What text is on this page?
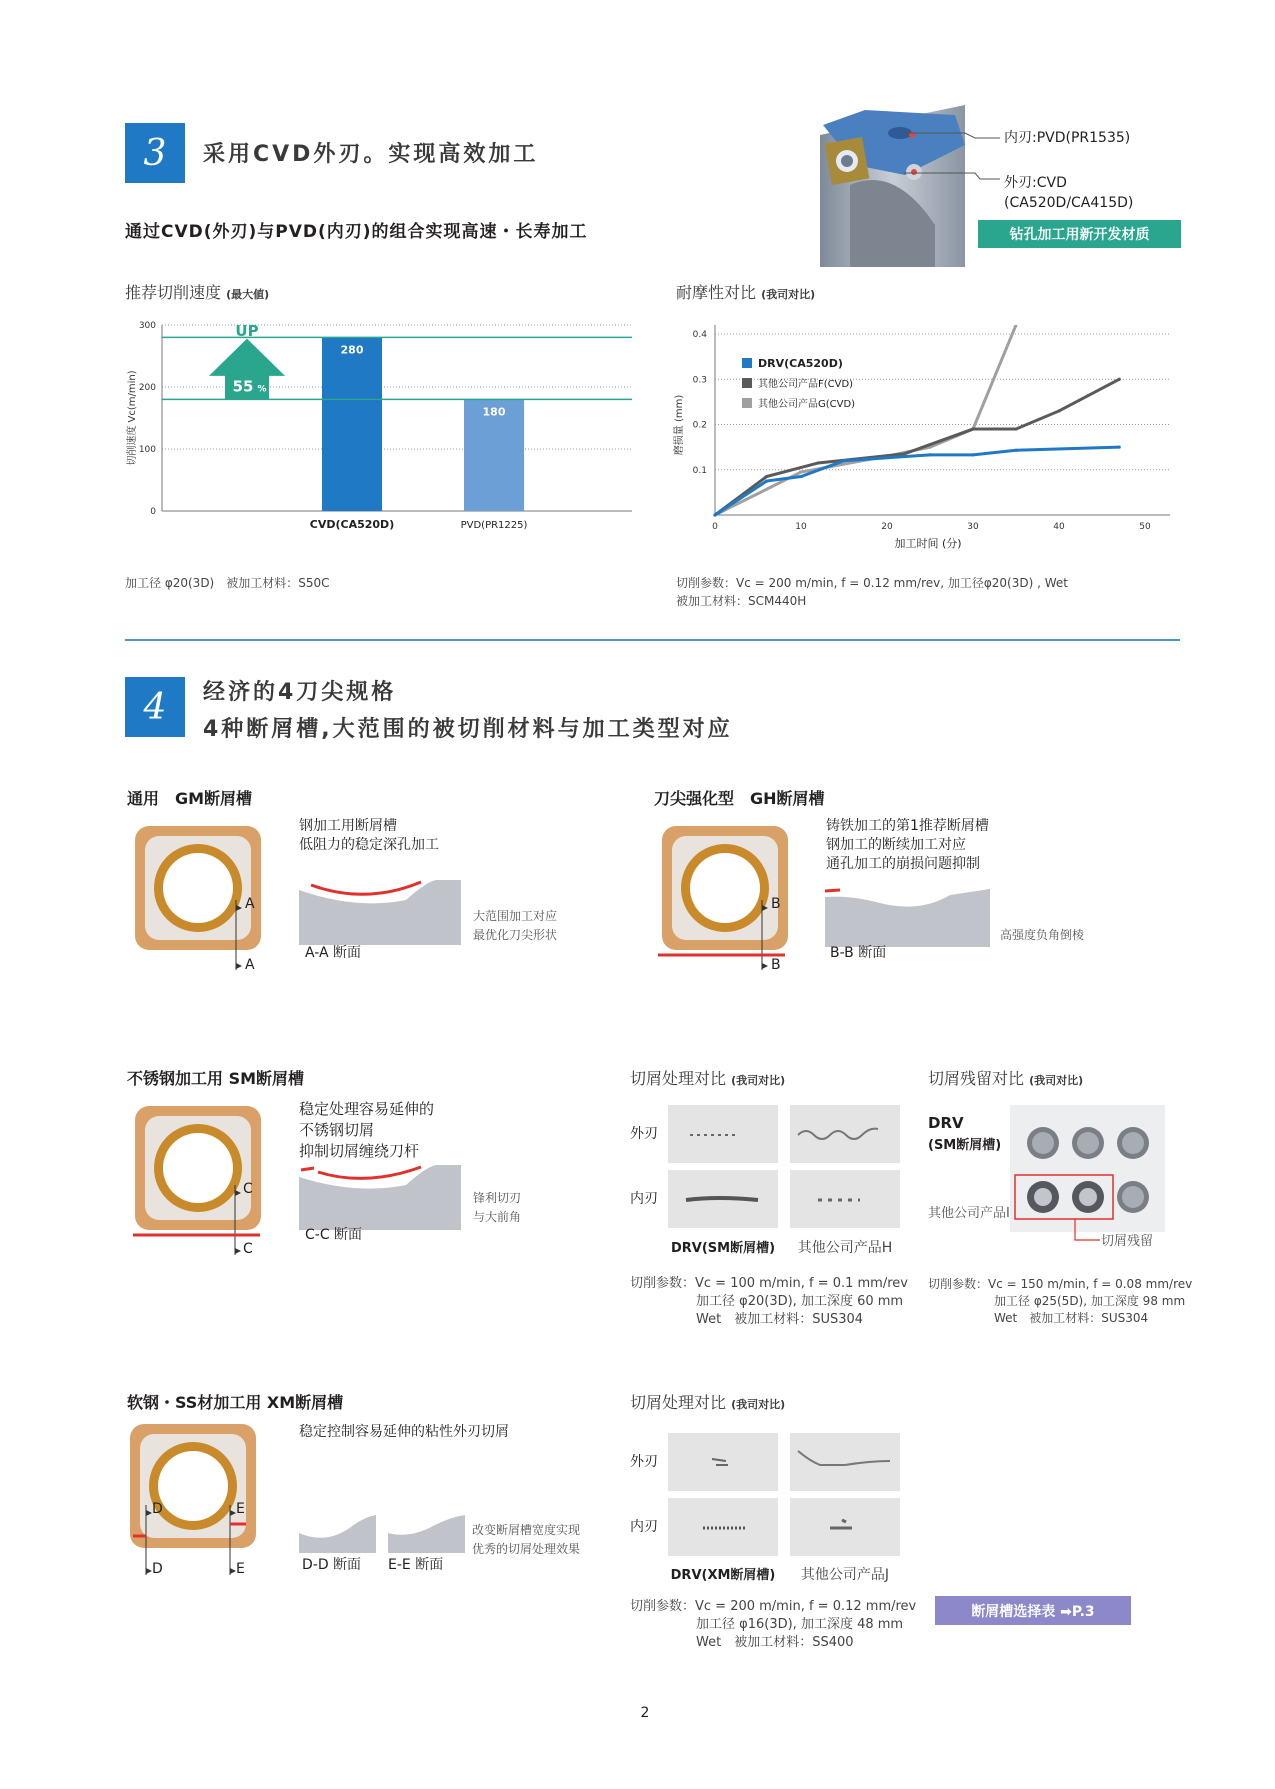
3 采用CVD外刃。实现高效加工
通过CVD(外刃)与PVD(内刃)的组合实现高速・长寿加工
内刃:PVD(PR1535)
外刃:CVD
(CA520D/CA415D)
钻孔加工用新开发材质
推荐切削速度 (最大値)
0
100
200
300
切削速度 Vc(m/min)
280
CVD(CA520D)
180
PVD(PR1225)
UP
55 %
加工径 φ20(3D)　被加工材料：S50C
耐摩性对比 (我司对比)
0.1
0.2
0.3
0.4
0	10	20	30	40	50
加工时间 (分)
磨损量 (mm)
DRV(CA520D)
其他公司产品F(CVD)
其他公司产品G(CVD)
切削参数：Vc = 200 m/min, f = 0.12 mm/rev, 加工径φ20(3D) , Wet
被加工材料：SCM440H
4 经济的4刀尖规格
4种断屑槽,大范围的被切削材料与加工类型对应
通用　GM断屑槽
A
A
钢加工用断屑槽
低阻力的稳定深孔加工
大范围加工对应
最优化刀尖形状
A-A 断面
刀尖强化型　GH断屑槽
B
B
铸铁加工的第1推荐断屑槽
钢加工的断续加工对应
通孔加工的崩损问题抑制
高强度负角倒棱
B-B 断面
不锈钢加工用 SM断屑槽
C
C
稳定处理容易延伸的
不锈钢切屑
抑制切屑缠绕刀杆
锋利切刃
与大前角
C-C 断面
切屑处理对比 (我司对比)
外刃
内刃
DRV(SM断屑槽)	其他公司产品H
切削参数：Vc = 100 m/min, f = 0.1 mm/rev
加工径 φ20(3D), 加工深度 60 mm
Wet　被加工材料：SUS304
切屑残留对比 (我司对比)
DRV
(SM断屑槽)
其他公司产品I
切屑残留
切削参数：Vc = 150 m/min, f = 0.08 mm/rev
加工径 φ25(5D), 加工深度 98 mm
Wet　被加工材料：SUS304
软钢・SS材加工用 XM断屑槽
D
D
E
E
稳定控制容易延伸的粘性外刃切屑
改变断屑槽宽度实现
优秀的切屑处理效果
D-D 断面 E-E 断面
切屑处理对比 (我司对比)
外刃
内刃
DRV(XM断屑槽)	其他公司产品J
切削参数：Vc = 200 m/min, f = 0.12 mm/rev
加工径 φ16(3D), 加工深度 48 mm
Wet　被加工材料：SS400
断屑槽选择表 ➡P.3
2
